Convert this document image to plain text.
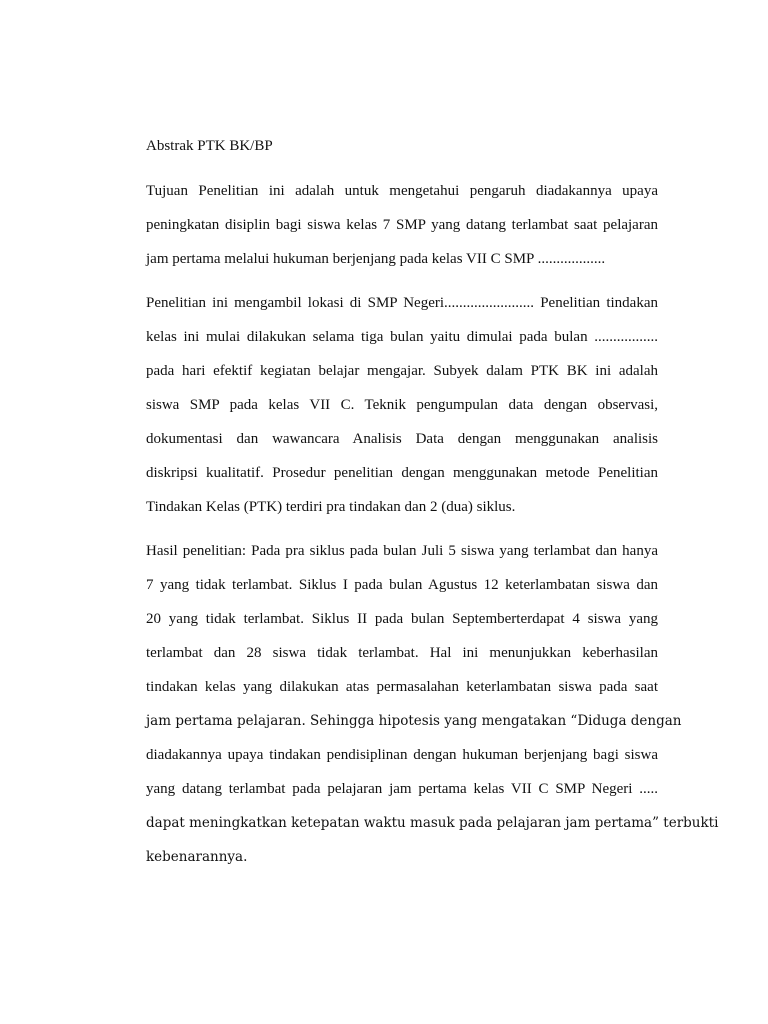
Abstrak PTK BK/BP
Tujuan Penelitian ini adalah untuk mengetahui pengaruh diadakannya upaya
peningkatan disiplin bagi siswa kelas 7 SMP yang datang terlambat saat pelajaran
jam pertama melalui hukuman berjenjang pada kelas VII C SMP ..................
Penelitian ini mengambil lokasi di SMP Negeri........................ Penelitian tindakan
kelas ini mulai dilakukan selama tiga bulan yaitu dimulai pada bulan .................
pada hari efektif kegiatan belajar mengajar. Subyek dalam PTK BK ini adalah
siswa SMP pada kelas VII C. Teknik pengumpulan data dengan observasi,
dokumentasi dan wawancara Analisis Data dengan menggunakan analisis
diskripsi kualitatif. Prosedur penelitian dengan menggunakan metode Penelitian
Tindakan Kelas (PTK) terdiri pra tindakan dan 2 (dua) siklus.
Hasil penelitian: Pada pra siklus pada bulan Juli 5 siswa yang terlambat dan hanya
7 yang tidak terlambat. Siklus I pada bulan Agustus 12 keterlambatan siswa dan
20 yang tidak terlambat. Siklus II pada bulan Septemberterdapat 4 siswa yang
terlambat dan 28 siswa tidak terlambat. Hal ini menunjukkan keberhasilan
tindakan kelas yang dilakukan atas permasalahan keterlambatan siswa pada saat
jam pertama pelajaran. Sehingga hipotesis yang mengatakan “Diduga dengan
diadakannya upaya tindakan pendisiplinan dengan hukuman berjenjang bagi siswa
yang datang terlambat pada pelajaran jam pertama kelas VII C SMP Negeri .....
dapat meningkatkan ketepatan waktu masuk pada pelajaran jam pertama” terbukti
kebenarannya.
